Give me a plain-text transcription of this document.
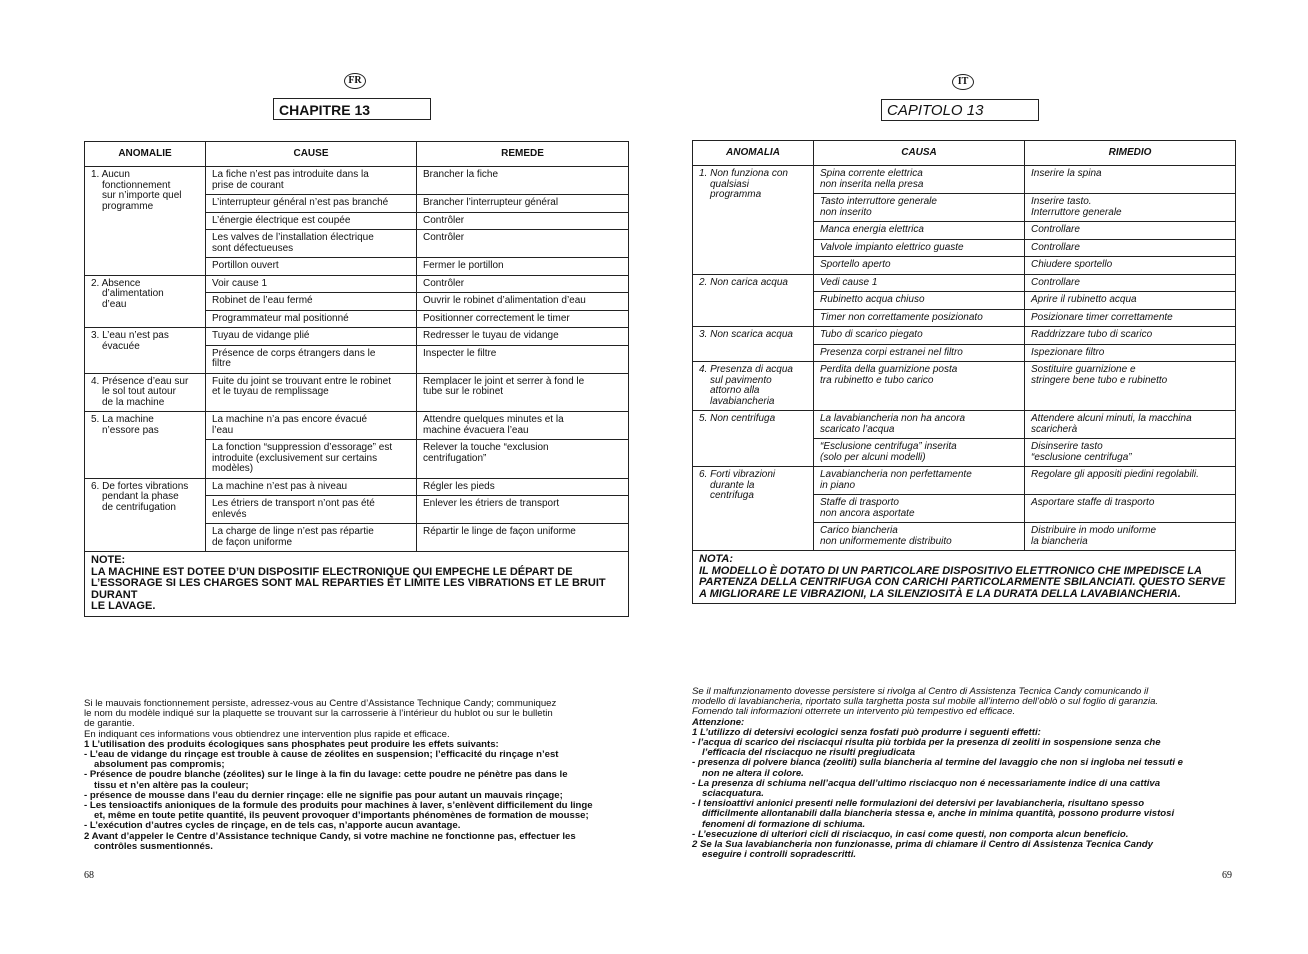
FR
CHAPITRE 13
ANOMALIE	CAUSE	REMEDE

1. Aucun
fonctionnement
sur n’importe quel
programme	La fiche n’est pas introduite dans la
prise de courant	Brancher la fiche
	L’interrupteur général n’est pas branché	Brancher l’interrupteur général
	L’énergie électrique est coupée	Contrôler
	Les valves de l’installation électrique
sont défectueuses	Contrôler
	Portillon ouvert	Fermer le portillon

2. Absence
d’alimentation
d’eau	Voir cause 1	Contrôler
	Robinet de l’eau fermé	Ouvrir le robinet d’alimentation d’eau
	Programmateur mal positionné	Positionner correctement le timer

3. L’eau n’est pas
évacuée	Tuyau de vidange plié	Redresser le tuyau de vidange
	Présence de corps étrangers dans le
filtre	Inspecter le filtre

4. Présence d’eau sur
le sol tout autour
de la machine	Fuite du joint se trouvant entre le robinet
et le tuyau de remplissage	Remplacer le joint et serrer à fond le
tube sur le robinet

5. La machine
n’essore pas	La machine n’a pas encore évacué
l’eau	Attendre quelques minutes et la
machine évacuera l’eau
	La fonction “suppression d’essorage” est
introduite (exclusivement sur certains
modèles)	Relever la touche “exclusion
centrifugation”

6. De fortes vibrations
pendant la phase
de centrifugation	La machine n’est pas à niveau	Régler les pieds
	Les étriers de transport n’ont pas été
enlevés	Enlever les étriers de transport
	La charge de linge n’est pas répartie
de façon uniforme	Répartir le linge de façon uniforme
NOTE:
LA MACHINE EST DOTEE D’UN DISPOSITIF ELECTRONIQUE QUI EMPECHE LE DÉPART DE
L’ESSORAGE SI LES CHARGES SONT MAL REPARTIES ET LIMITE LES VIBRATIONS ET LE BRUIT DURANT
LE LAVAGE.		
Si le mauvais fonctionnement persiste, adressez-vous au Centre d’Assistance Technique Candy; communiquez
le nom du modèle indiqué sur la plaquette se trouvant sur la carrosserie à l’intérieur du hublot ou sur le bulletin
de garantie.
En indiquant ces informations vous obtiendrez une intervention plus rapide et efficace.
1 L’utilisation des produits écologiques sans phosphates peut produire les effets suivants:
- L’eau de vidange du rinçage est trouble à cause de zéolites en suspension; l’efficacité du rinçage n’est
absolument pas compromis;
- Présence de poudre blanche (zéolites) sur le linge à la fin du lavage: cette poudre ne pénètre pas dans le
tissu et n’en altère pas la couleur;
- présence de mousse dans l’eau du dernier rinçage: elle ne signifie pas pour autant un mauvais rinçage;
- Les tensioactifs anioniques de la formule des produits pour machines à laver, s’enlèvent difficilement du linge
et, même en toute petite quantité, ils peuvent provoquer d’importants phénomènes de formation de mousse;
- L’exécution d’autres cycles de rinçage, en de tels cas, n’apporte aucun avantage.
2 Avant d’appeler le Centre d’Assistance technique Candy, si votre machine ne fonctionne pas, effectuer les
contrôles susmentionnés.
68
IT
CAPITOLO 13
ANOMALIA	CAUSA	RIMEDIO

1. Non funziona con
qualsiasi
programma	Spina corrente elettrica
non inserita nella presa	Inserire la spina
	Tasto interruttore generale
non inserito	Inserire tasto.
Interruttore generale
	Manca energia elettrica	Controllare
	Valvole impianto elettrico guaste	Controllare
	Sportello aperto	Chiudere sportello

2. Non carica acqua	Vedi cause 1	Controllare
	Rubinetto acqua chiuso	Aprire il rubinetto acqua
	Timer non correttamente posizionato	Posizionare timer correttamente

3. Non scarica acqua	Tubo di scarico piegato	Raddrizzare tubo di scarico
	Presenza corpi estranei nel filtro	Ispezionare filtro

4. Presenza di acqua
sul pavimento
attorno alla
lavabiancheria	Perdita della guarnizione posta
tra rubinetto e tubo carico	Sostituire guarnizione e
stringere bene tubo e rubinetto

5. Non centrifuga	La lavabiancheria non ha ancora
scaricato l’acqua	Attendere alcuni minuti, la macchina
scaricherà
	“Esclusione centrifuga” inserita
(solo per alcuni modelli)	Disinserire tasto
“esclusione centrifuga”

6. Forti vibrazioni
durante la
centrifuga	Lavabiancheria non perfettamente
in piano	Regolare gli appositi piedini regolabili.
	Staffe di trasporto
non ancora asportate	Asportare staffe di trasporto
	Carico biancheria
non uniformemente distribuito	Distribuire in modo uniforme
la biancheria
NOTA:
IL MODELLO È DOTATO DI UN PARTICOLARE DISPOSITIVO ELETTRONICO CHE IMPEDISCE LA
PARTENZA DELLA CENTRIFUGA CON CARICHI PARTICOLARMENTE SBILANCIATI. QUESTO SERVE
A MIGLIORARE LE VIBRAZIONI, LA SILENZIOSITÀ E LA DURATA DELLA LAVABIANCHERIA.		
Se il malfunzionamento dovesse persistere si rivolga al Centro di Assistenza Tecnica Candy comunicando il
modello di lavabiancheria, riportato sulla targhetta posta sul mobile all’interno dell’oblò o sul foglio di garanzia.
Fornendo tali informazioni otterrete un intervento più tempestivo ed efficace.
Attenzione:
1 L’utilizzo di detersivi ecologici senza fosfati può produrre i seguenti effetti:
- l’acqua di scarico dei risciacqui risulta più torbida per la presenza di zeoliti in sospensione senza che
l’efficacia del risciacquo ne risulti pregiudicata
- presenza di polvere bianca (zeoliti) sulla biancheria al termine del lavaggio che non si ingloba nei tessuti e
non ne altera il colore.
- La presenza di schiuma nell’acqua dell’ultimo risciacquo non é necessariamente indice di una cattiva
sciacquatura.
- I tensioattivi anionici presenti nelle formulazioni dei detersivi per lavabiancheria, risultano spesso
difficilmente allontanabili dalla biancheria stessa e, anche in minima quantità, possono produrre vistosi
fenomeni di formazione di schiuma.
- L’esecuzione di ulteriori cicli di risciacquo, in casi come questi, non comporta alcun beneficio.
2 Se la Sua lavabiancheria non funzionasse, prima di chiamare il Centro di Assistenza Tecnica Candy
eseguire i controlli sopradescritti.
69
